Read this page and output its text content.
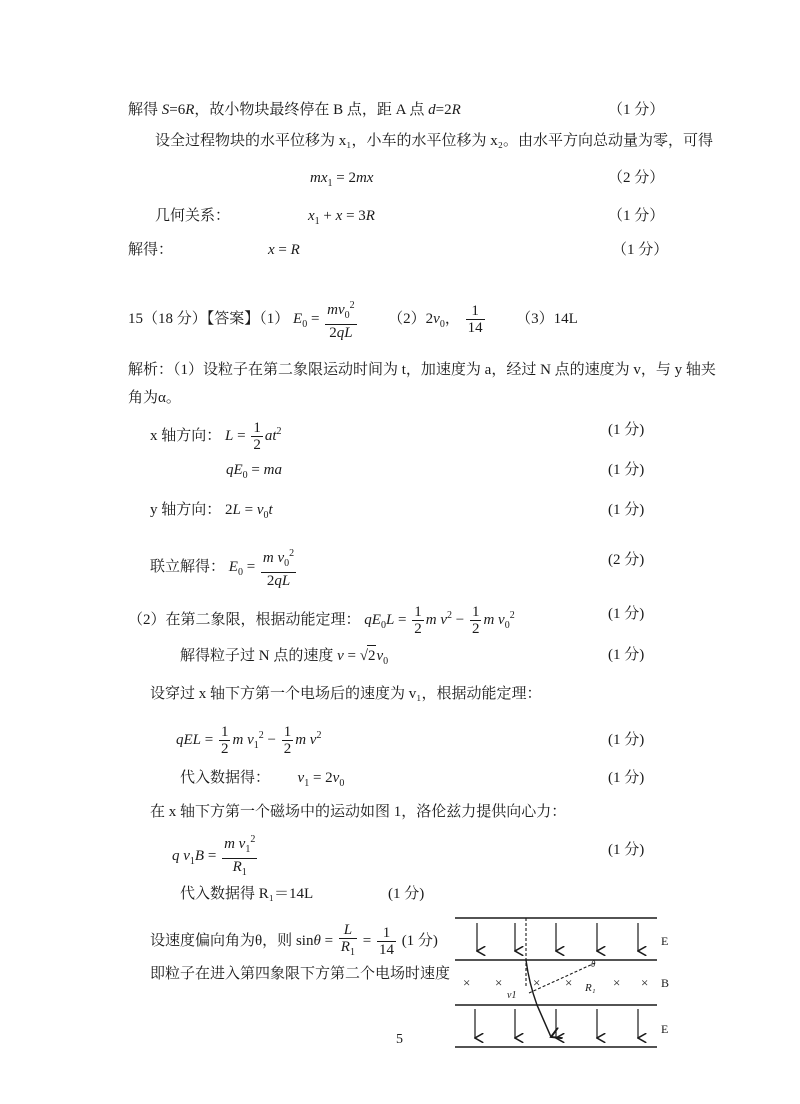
解得 S=6R，故小物块最终停在 B 点，距 A 点 d=2R	（1 分）
设全过程物块的水平位移为 x₁，小车的水平位移为 x₂。由水平方向总动量为零，可得
$mx_1 = 2mx$	（2 分）
几何关系：	$x_1 + x = 3R$	（1 分）
解得：	x = R	（1 分）
15（18 分）【答案】（1） $E_0 = \frac{mv_0^2}{2qL} (2)2v_0$， $\frac{1}{14} (3)14L$
解析：（1）设粒子在第二象限运动时间为 t，加速度为 a，经过 N 点的速度为 v，与 y 轴夹
角为α。
x 轴方向： $L = \frac{1}{2} at^2$	(1 分)
$qE_0$ = ma	(1 分)
y 轴方向： $2L = v_0t$	(1 分)
联立解得： $E_0 = \frac{m v_0^2}{2qL}$	(2 分)
（2）在第二象限，根据动能定理： $qE_0L = \frac{1}{2}$ m $v^2 - \frac{1}{2}$ m $v_0^2$	(1 分)
解得粒子过 N 点的速度 $v = √2v_0$	(1 分)
设穿过 x 轴下方第一个电场后的速度为 v₁，根据动能定理：
qEL = $\frac{1}{2}$ m $v_1^2 - \frac{1}{2}$ m $v^2$	(1 分)
代入数据得： $v_1 = 2v_0$	(1 分)
在 x 轴下方第一个磁场中的运动如图 1，洛伦兹力提供向心力：
q $v_1B = \frac{m v_1^2}{R_1}$	(1 分)
代入数据得 R₁＝14L	(1 分)
设速度偏向角为θ，则 $\sin\theta = \frac{L}{R_1} = \frac{1}{14} (1$ 分)
即粒子在进入第四象限下方第二个电场时速度
5
× × × ×	× ×
v1
R₁
θ
E
B
E
